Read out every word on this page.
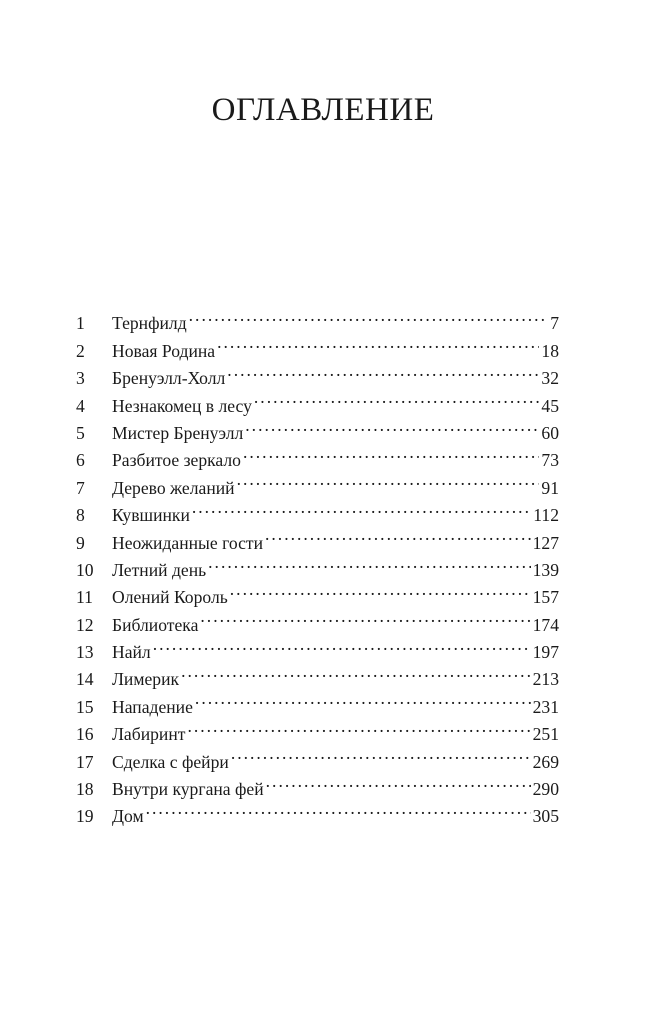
ОГЛАВЛЕНИЕ
1	Тернфилд .....	7
2	Новая Родина .....	18
3	Бренуэлл-Холл .....	32
4	Незнакомец в лесу .....	45
5	Мистер Бренуэлл .....	60
6	Разбитое зеркало .....	73
7	Дерево желаний .....	91
8	Кувшинки .....	112
9	Неожиданные гости .....	127
10	Летний день .....	139
11	Олений Король .....	157
12	Библиотека .....	174
13	Найл .....	197
14	Лимерик .....	213
15	Нападение .....	231
16	Лабиринт .....	251
17	Сделка с фейри .....	269
18	Внутри кургана фей .....	290
19	Дом .....	305
